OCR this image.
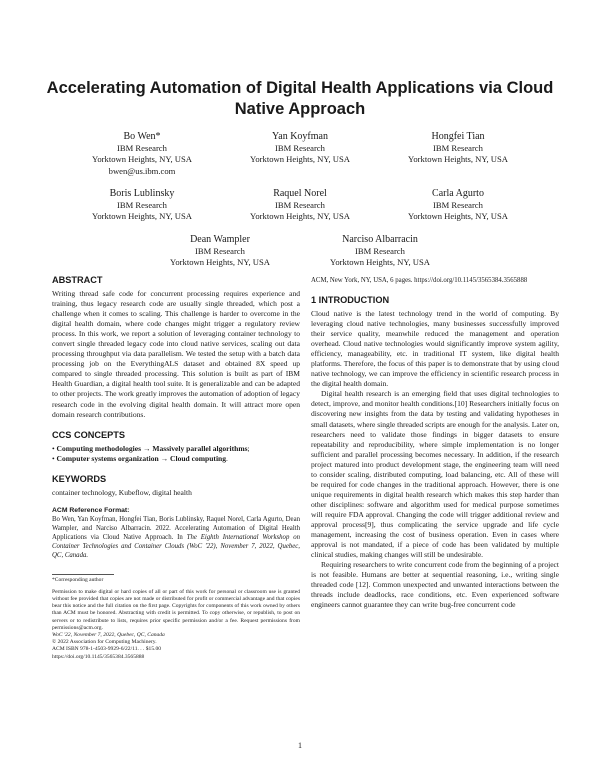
Accelerating Automation of Digital Health Applications via Cloud Native Approach
Bo Wen*
IBM Research
Yorktown Heights, NY, USA
bwen@us.ibm.com
Yan Koyfman
IBM Research
Yorktown Heights, NY, USA
Hongfei Tian
IBM Research
Yorktown Heights, NY, USA
Boris Lublinsky
IBM Research
Yorktown Heights, NY, USA
Raquel Norel
IBM Research
Yorktown Heights, NY, USA
Carla Agurto
IBM Research
Yorktown Heights, NY, USA
Dean Wampler
IBM Research
Yorktown Heights, NY, USA
Narciso Albarracin
IBM Research
Yorktown Heights, NY, USA
ABSTRACT

Writing thread safe code for concurrent processing requires experience and training, thus legacy research code are usually single threaded, which post a challenge when it comes to scaling. This challenge is harder to overcome in the digital health domain, where code changes might trigger a regulatory review process. In this work, we report a solution of leveraging container technology to convert single threaded legacy code into cloud native services, scaling out data processing throughput via data parallelism. We tested the setup with a batch data processing job on the EverythingALS dataset and obtained 8X speed up compared to single threaded processing. This solution is built as part of IBM Health Guardian, a digital health tool suite. It is generalizable and can be adapted to other projects. The work greatly improves the automation of adoption of legacy research code in the evolving digital health domain. It will attract more open domain research contributions.

CCS CONCEPTS

• Computing methodologies → Massively parallel algorithms;

• Computer systems organization → Cloud computing.

KEYWORDS

container technology, Kubeflow, digital health

ACM Reference Format:

Bo Wen, Yan Koyfman, Hongfei Tian, Boris Lublinsky, Raquel Norel, Carla Agurto, Dean Wampler, and Narciso Albarracin. 2022. Accelerating Automation of Digital Health Applications via Cloud Native Approach. In The Eighth International Workshop on Container Technologies and Container Clouds (WoC '22), November 7, 2022, Quebec, QC, Canada.

*Corresponding author

Permission to make digital or hard copies of all or part of this work for personal or classroom use is granted without fee provided that copies are not made or distributed for profit or commercial advantage and that copies bear this notice and the full citation on the first page. Copyrights for components of this work owned by others than ACM must be honored. Abstracting with credit is permitted. To copy otherwise, or republish, to post on servers or to redistribute to lists, requires prior specific permission and/or a fee. Request permissions from permissions@acm.org.

WoC '22, November 7, 2022, Quebec, QC, Canada

© 2022 Association for Computing Machinery.

ACM ISBN 978-1-4503-9929-6/22/11. . . $15.00

https://doi.org/10.1145/3565384.3565888

ACM, New York, NY, USA, 6 pages. https://doi.org/10.1145/3565384.3565888

1 INTRODUCTION

Cloud native is the latest technology trend in the world of computing. By leveraging cloud native technologies, many businesses successfully improved their service quality, meanwhile reduced the management and operation overhead. Cloud native technologies would significantly improve system agility, efficiency, manageability, etc. in traditional IT system, like digital health platforms. Therefore, the focus of this paper is to demonstrate that by using cloud native technology, we can improve the efficiency in scientific research process in the digital health domain.

Digital health research is an emerging field that uses digital technologies to detect, improve, and monitor health conditions.[10] Researchers initially focus on discovering new insights from the data by testing and validating hypotheses in small datasets, where single threaded scripts are enough for the analysis. Later on, researchers need to validate those findings in bigger datasets to ensure repeatability and reproducibility, where simple implementation is no longer sufficient and parallel processing becomes necessary. In addition, if the research project matured into product development stage, the engineering team will need to consider scaling, distributed computing, load balancing, etc. All of these will be required for code changes in the traditional approach. However, there is one unique requirements in digital health research which makes this step harder than other disciplines: software and algorithm used for medical purpose sometimes will require FDA approval. Changing the code will trigger additional review and approval process[9], thus complicating the service upgrade and life cycle management, increasing the cost of business operation. Even in cases where approval is not mandated, if a piece of code has been validated by multiple clinical studies, making changes will still be undesirable.

Requiring researchers to write concurrent code from the beginning of a project is not feasible. Humans are better at sequential reasoning, i.e., writing single threaded code [12]. Common unexpected and unwanted interactions between the threads include deadlocks, race conditions, etc. Even experienced software engineers cannot guarantee they can write bug-free concurrent code

1
